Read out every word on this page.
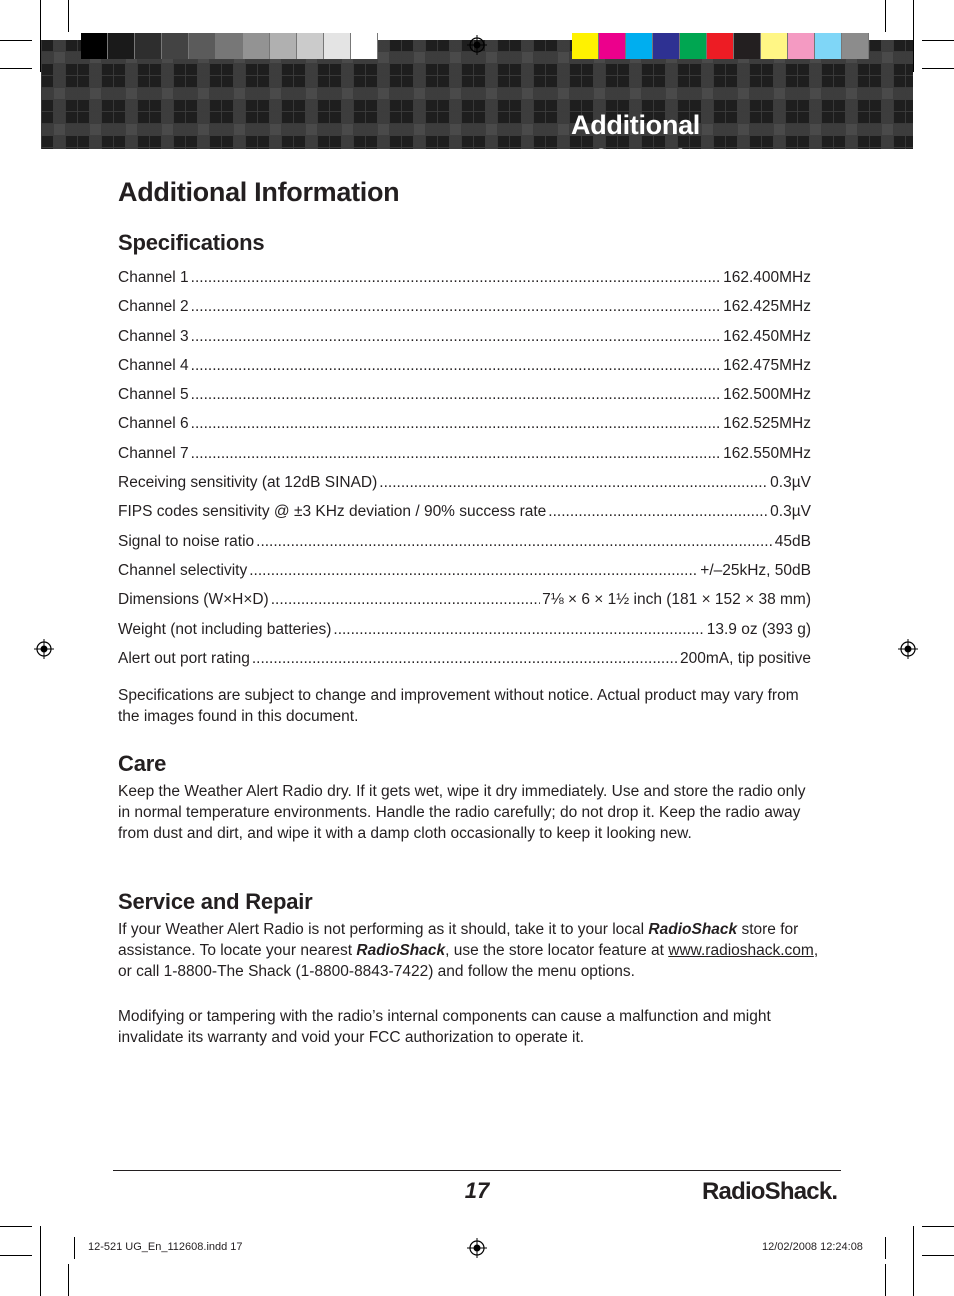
Additional Information
Additional Information
Specifications
Channel 1 .....	162.400MHz
Channel 2 .....	162.425MHz
Channel 3 .....	162.450MHz
Channel 4 .....	162.475MHz
Channel 5 .....	162.500MHz
Channel 6 .....	162.525MHz
Channel 7 .....	162.550MHz
Receiving sensitivity (at 12dB SINAD) .....	0.3µV
FIPS codes sensitivity @ ±3 KHz deviation / 90% success rate .....	0.3µV
Signal to noise ratio .....	45dB
Channel selectivity .....	+/–25kHz, 50dB
Dimensions (W×H×D) .....	7⅛ × 6 × 1½ inch (181 × 152 × 38 mm)
Weight (not including batteries) .....	13.9 oz (393 g)
Alert out port rating .....	200mA, tip positive

Specifications are subject to change and improvement without notice. Actual product may vary from the images found in this document.

Care

Keep the Weather Alert Radio dry. If it gets wet, wipe it dry immediately. Use and store the radio only in normal temperature environments. Handle the radio carefully; do not drop it. Keep the radio away from dust and dirt, and wipe it with a damp cloth occasionally to keep it looking new.

Service and Repair

If your Weather Alert Radio is not performing as it should, take it to your local RadioShack store for assistance. To locate your nearest RadioShack, use the store locator feature at www.radioshack.com, or call 1-8800-The Shack (1-8800-8843-7422) and follow the menu options.

Modifying or tampering with the radio’s internal components can cause a malfunction and might invalidate its warranty and void your FCC authorization to operate it.

17	RadioShack.
12-521 UG_En_112608.indd 17	12/02/2008 12:24:08
